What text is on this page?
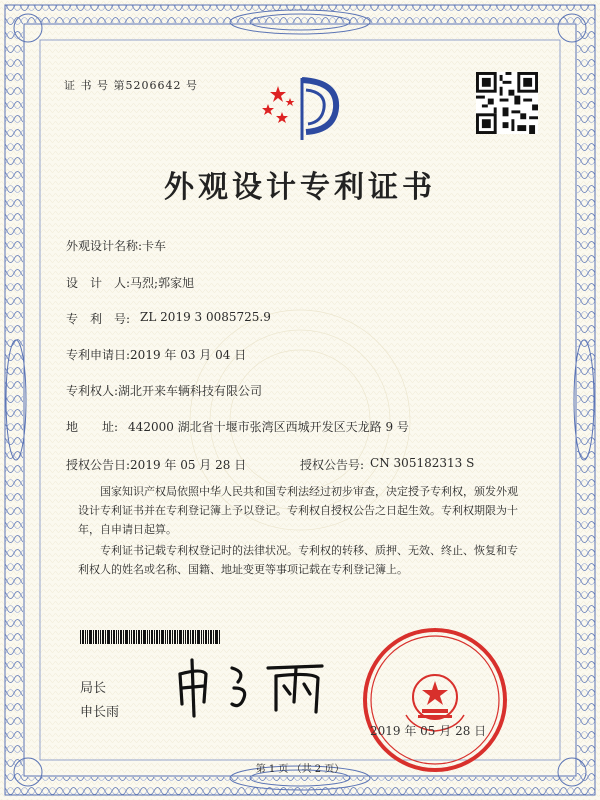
证 书 号 第5206642 号
外观设计专利证书
外观设计名称: 卡车
设　计　人: 马烈;郭家旭
专　利　号: ZL 2019 3 0085725.9
专利申请日: 2019 年 03 月 04 日
专利权人: 湖北开来车辆科技有限公司
地　　址: 442000 湖北省十堰市张湾区西城开发区天龙路 9 号
授权公告日: 2019 年 05 月 28 日	授权公告号: CN 305182313 S
国家知识产权局依照中华人民共和国专利法经过初步审查，决定授予专利权，颁发外观设计专利证书并在专利登记簿上予以登记。专利权自授权公告之日起生效。专利权期限为十年，自申请日起算。
专利证书记载专利权登记时的法律状况。专利权的转移、质押、无效、终止、恢复和专利权人的姓名或名称、国籍、地址变更等事项记载在专利登记簿上。
局长
申长雨
2019 年 05 月 28 日
第 1 页 （共 2 页）
